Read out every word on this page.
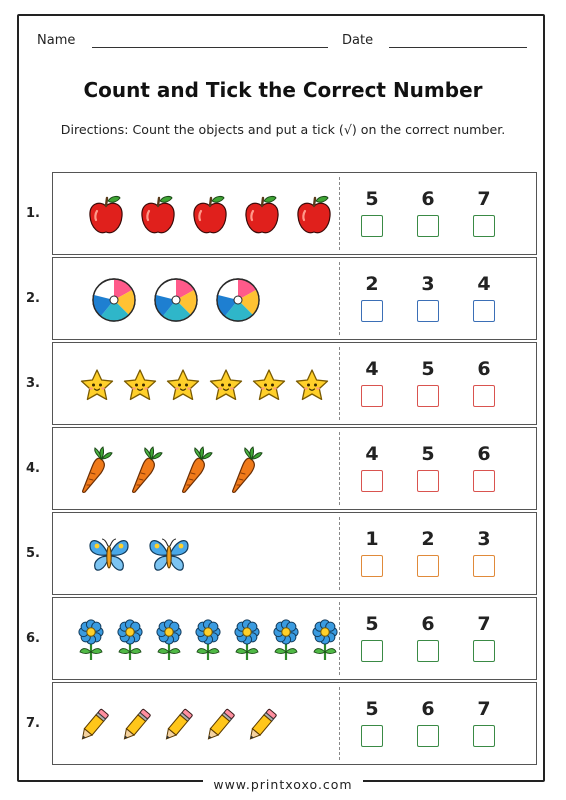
Name	Date
Count and Tick the Correct Number
Directions: Count the objects and put a tick (√) on the correct number.
1.
5	6	7
2.
2	3	4
3.
4	5	6
4.
4	5	6
5.
1	2	3
6.
5	6	7
7.
5	6	7
www.printxoxo.com
